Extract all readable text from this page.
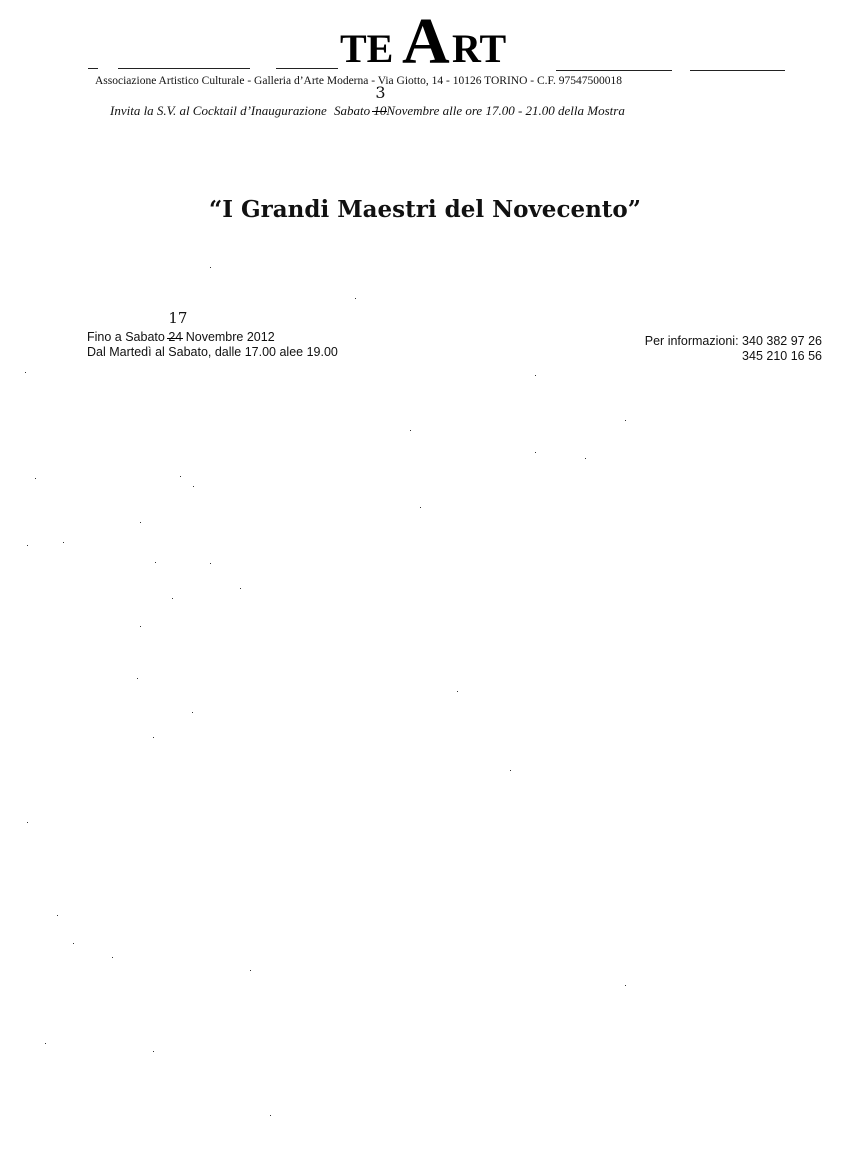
TE A RT
Associazione Artistico Culturale - Galleria d’Arte Moderna - Via Giotto, 14 - 10126 TORINO - C.F. 97547500018
Invita la S.V. al Cocktail d’Inaugurazione Sabato 10
3
Novembre alle ore 17.00 - 21.00 della Mostra
“I Grandi Maestri del Novecento”
Fino a Sabato 24
17
Novembre 2012
Dal Martedì al Sabato, dalle 17.00 alee 19.00
Per informazioni: 340 382 97 26
345 210 16 56
